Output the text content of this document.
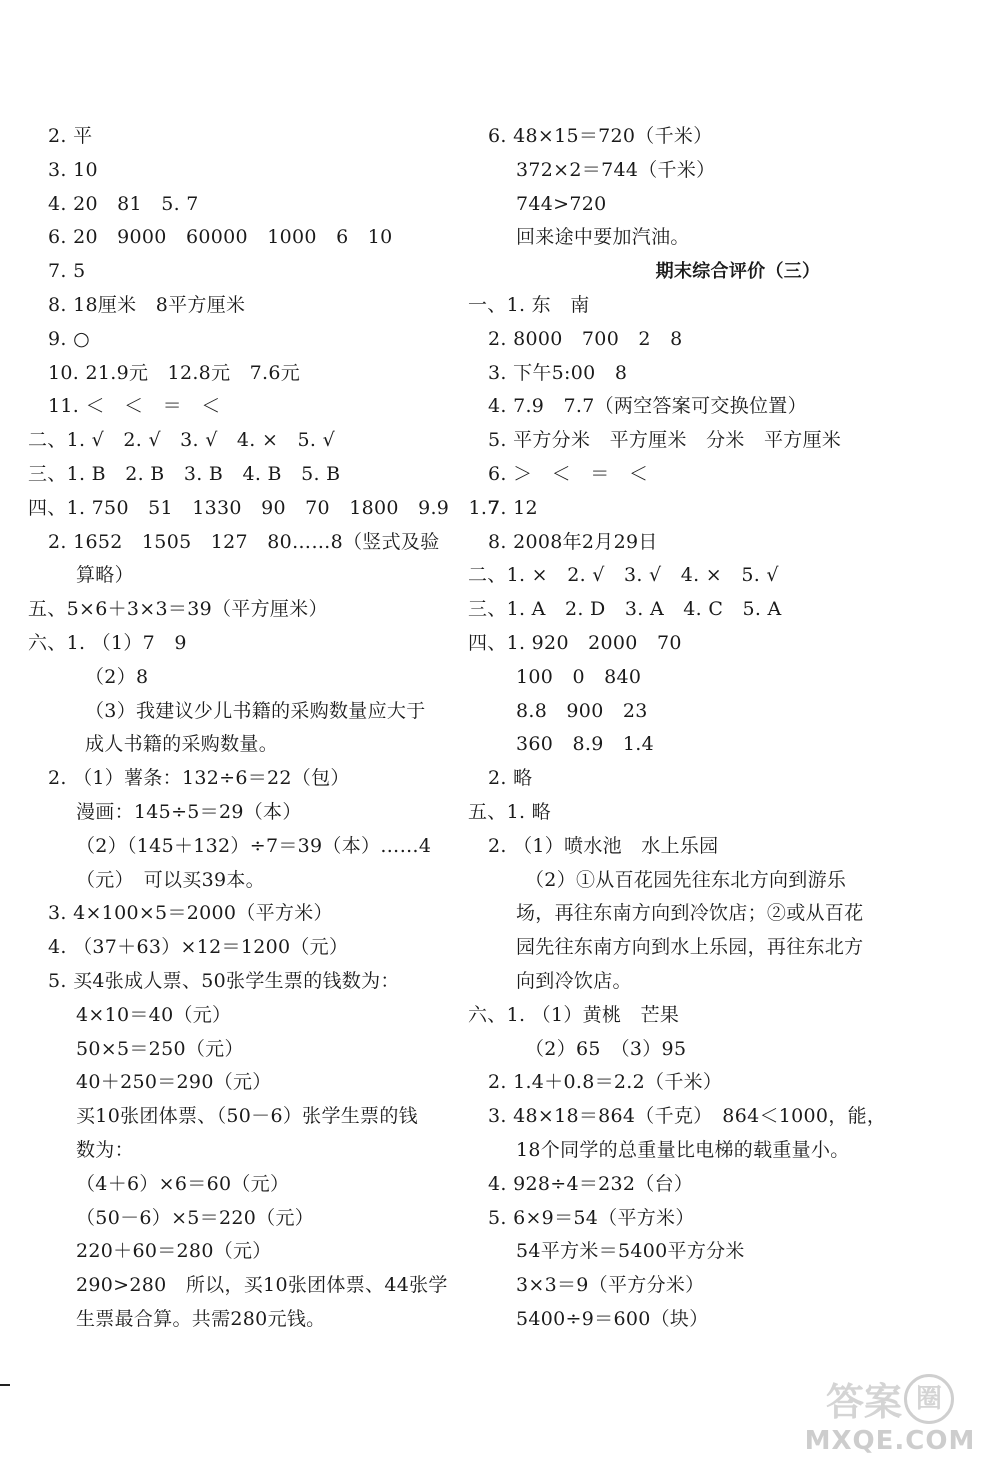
2. 平
3. 10
4. 20　81　5. 7
6. 20　9000　60000　1000　6　10
7. 5
8. 18厘米　8平方厘米
9. ○
10. 21.9元　12.8元　7.6元
11. ＜　＜　＝　＜
二、1. √　2. √　3. √　4. ×　5. √
三、1. B　2. B　3. B　4. B　5. B
四、1. 750　51　1330　90　70　1800　9.9　1.7
2. 1652　1505　127　80……8（竖式及验
算略）
五、5×6＋3×3＝39（平方厘米）
六、1. （1）7　9
（2）8
（3）我建议少儿书籍的采购数量应大于
成人书籍的采购数量。
2. （1）薯条：132÷6＝22（包）
漫画：145÷5＝29（本）
（2）（145＋132）÷7＝39（本）……4
（元）　可以买39本。
3. 4×100×5＝2000（平方米）
4. （37＋63）×12＝1200（元）
5. 买4张成人票、50张学生票的钱数为：
4×10＝40（元）
50×5＝250（元）
40＋250＝290（元）
买10张团体票、（50－6）张学生票的钱
数为：
（4＋6）×6＝60（元）
（50－6）×5＝220（元）
220＋60＝280（元）
290>280　所以，买10张团体票、44张学
生票最合算。共需280元钱。
6. 48×15＝720（千米）
372×2＝744（千米）
744>720
回来途中要加汽油。
期末综合评价（三）
一、1. 东　南
2. 8000　700　2　8
3. 下午5:00　8
4. 7.9　7.7（两空答案可交换位置）
5. 平方分米　平方厘米　分米　平方厘米
6. ＞　＜　＝　＜
7. 12
8. 2008年2月29日
二、1. ×　2. √　3. √　4. ×　5. √
三、1. A　2. D　3. A　4. C　5. A
四、1. 920　2000　70
100　0　840
8.8　900　23
360　8.9　1.4
2. 略
五、1. 略
2. （1）喷水池　水上乐园
（2）①从百花园先往东北方向到游乐
场，再往东南方向到冷饮店；②或从百花
园先往东南方向到水上乐园，再往东北方
向到冷饮店。
六、1. （1）黄桃　芒果
（2）65　（3）95
2. 1.4＋0.8＝2.2（千米）
3. 48×18＝864（千克）　864＜1000，能，
18个同学的总重量比电梯的载重量小。
4. 928÷4＝232（台）
5. 6×9＝54（平方米）
54平方米＝5400平方分米
3×3＝9（平方分米）
5400÷9＝600（块）
答案 圈
MXQE.COM
